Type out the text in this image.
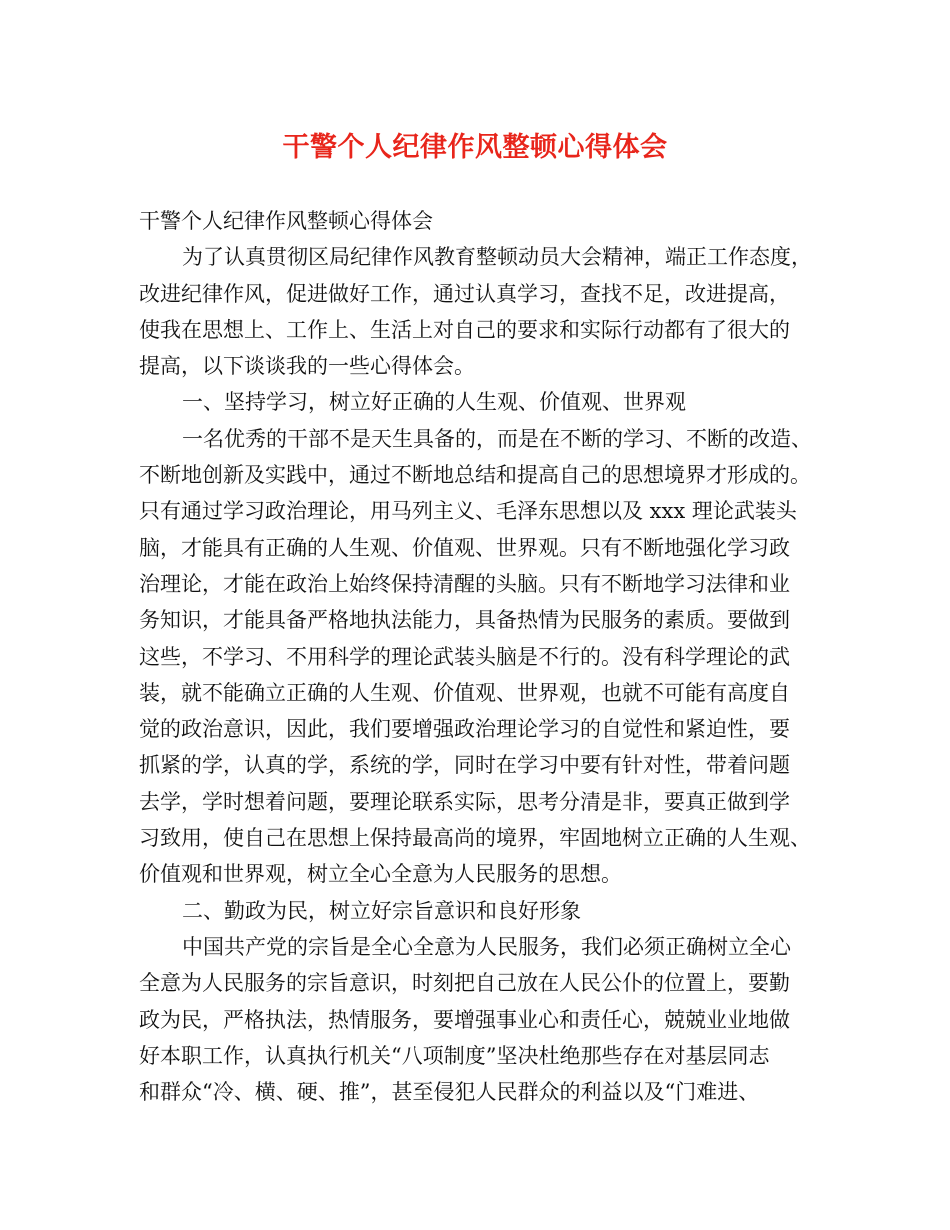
干警个人纪律作风整顿心得体会
干警个人纪律作风整顿心得体会
为了认真贯彻区局纪律作风教育整顿动员大会精神，端正工作态度，
改进纪律作风，促进做好工作，通过认真学习，查找不足，改进提高，
使我在思想上、工作上、生活上对自己的要求和实际行动都有了很大的
提高，以下谈谈我的一些心得体会。
一、坚持学习，树立好正确的人生观、价值观、世界观
一名优秀的干部不是天生具备的，而是在不断的学习、不断的改造、
不断地创新及实践中，通过不断地总结和提高自己的思想境界才形成的。
只有通过学习政治理论，用马列主义、毛泽东思想以及 xxx 理论武装头
脑，才能具有正确的人生观、价值观、世界观。只有不断地强化学习政
治理论，才能在政治上始终保持清醒的头脑。只有不断地学习法律和业
务知识，才能具备严格地执法能力，具备热情为民服务的素质。要做到
这些，不学习、不用科学的理论武装头脑是不行的。没有科学理论的武
装，就不能确立正确的人生观、价值观、世界观，也就不可能有高度自
觉的政治意识，因此，我们要增强政治理论学习的自觉性和紧迫性，要
抓紧的学，认真的学，系统的学，同时在学习中要有针对性，带着问题
去学，学时想着问题，要理论联系实际，思考分清是非，要真正做到学
习致用，使自己在思想上保持最高尚的境界，牢固地树立正确的人生观、
价值观和世界观，树立全心全意为人民服务的思想。
二、勤政为民，树立好宗旨意识和良好形象
中国共产党的宗旨是全心全意为人民服务，我们必须正确树立全心
全意为人民服务的宗旨意识，时刻把自己放在人民公仆的位置上，要勤
政为民，严格执法，热情服务，要增强事业心和责任心，兢兢业业地做
好本职工作，认真执行机关“八项制度”坚决杜绝那些存在对基层同志
和群众“冷、横、硬、推”，甚至侵犯人民群众的利益以及“门难进、
